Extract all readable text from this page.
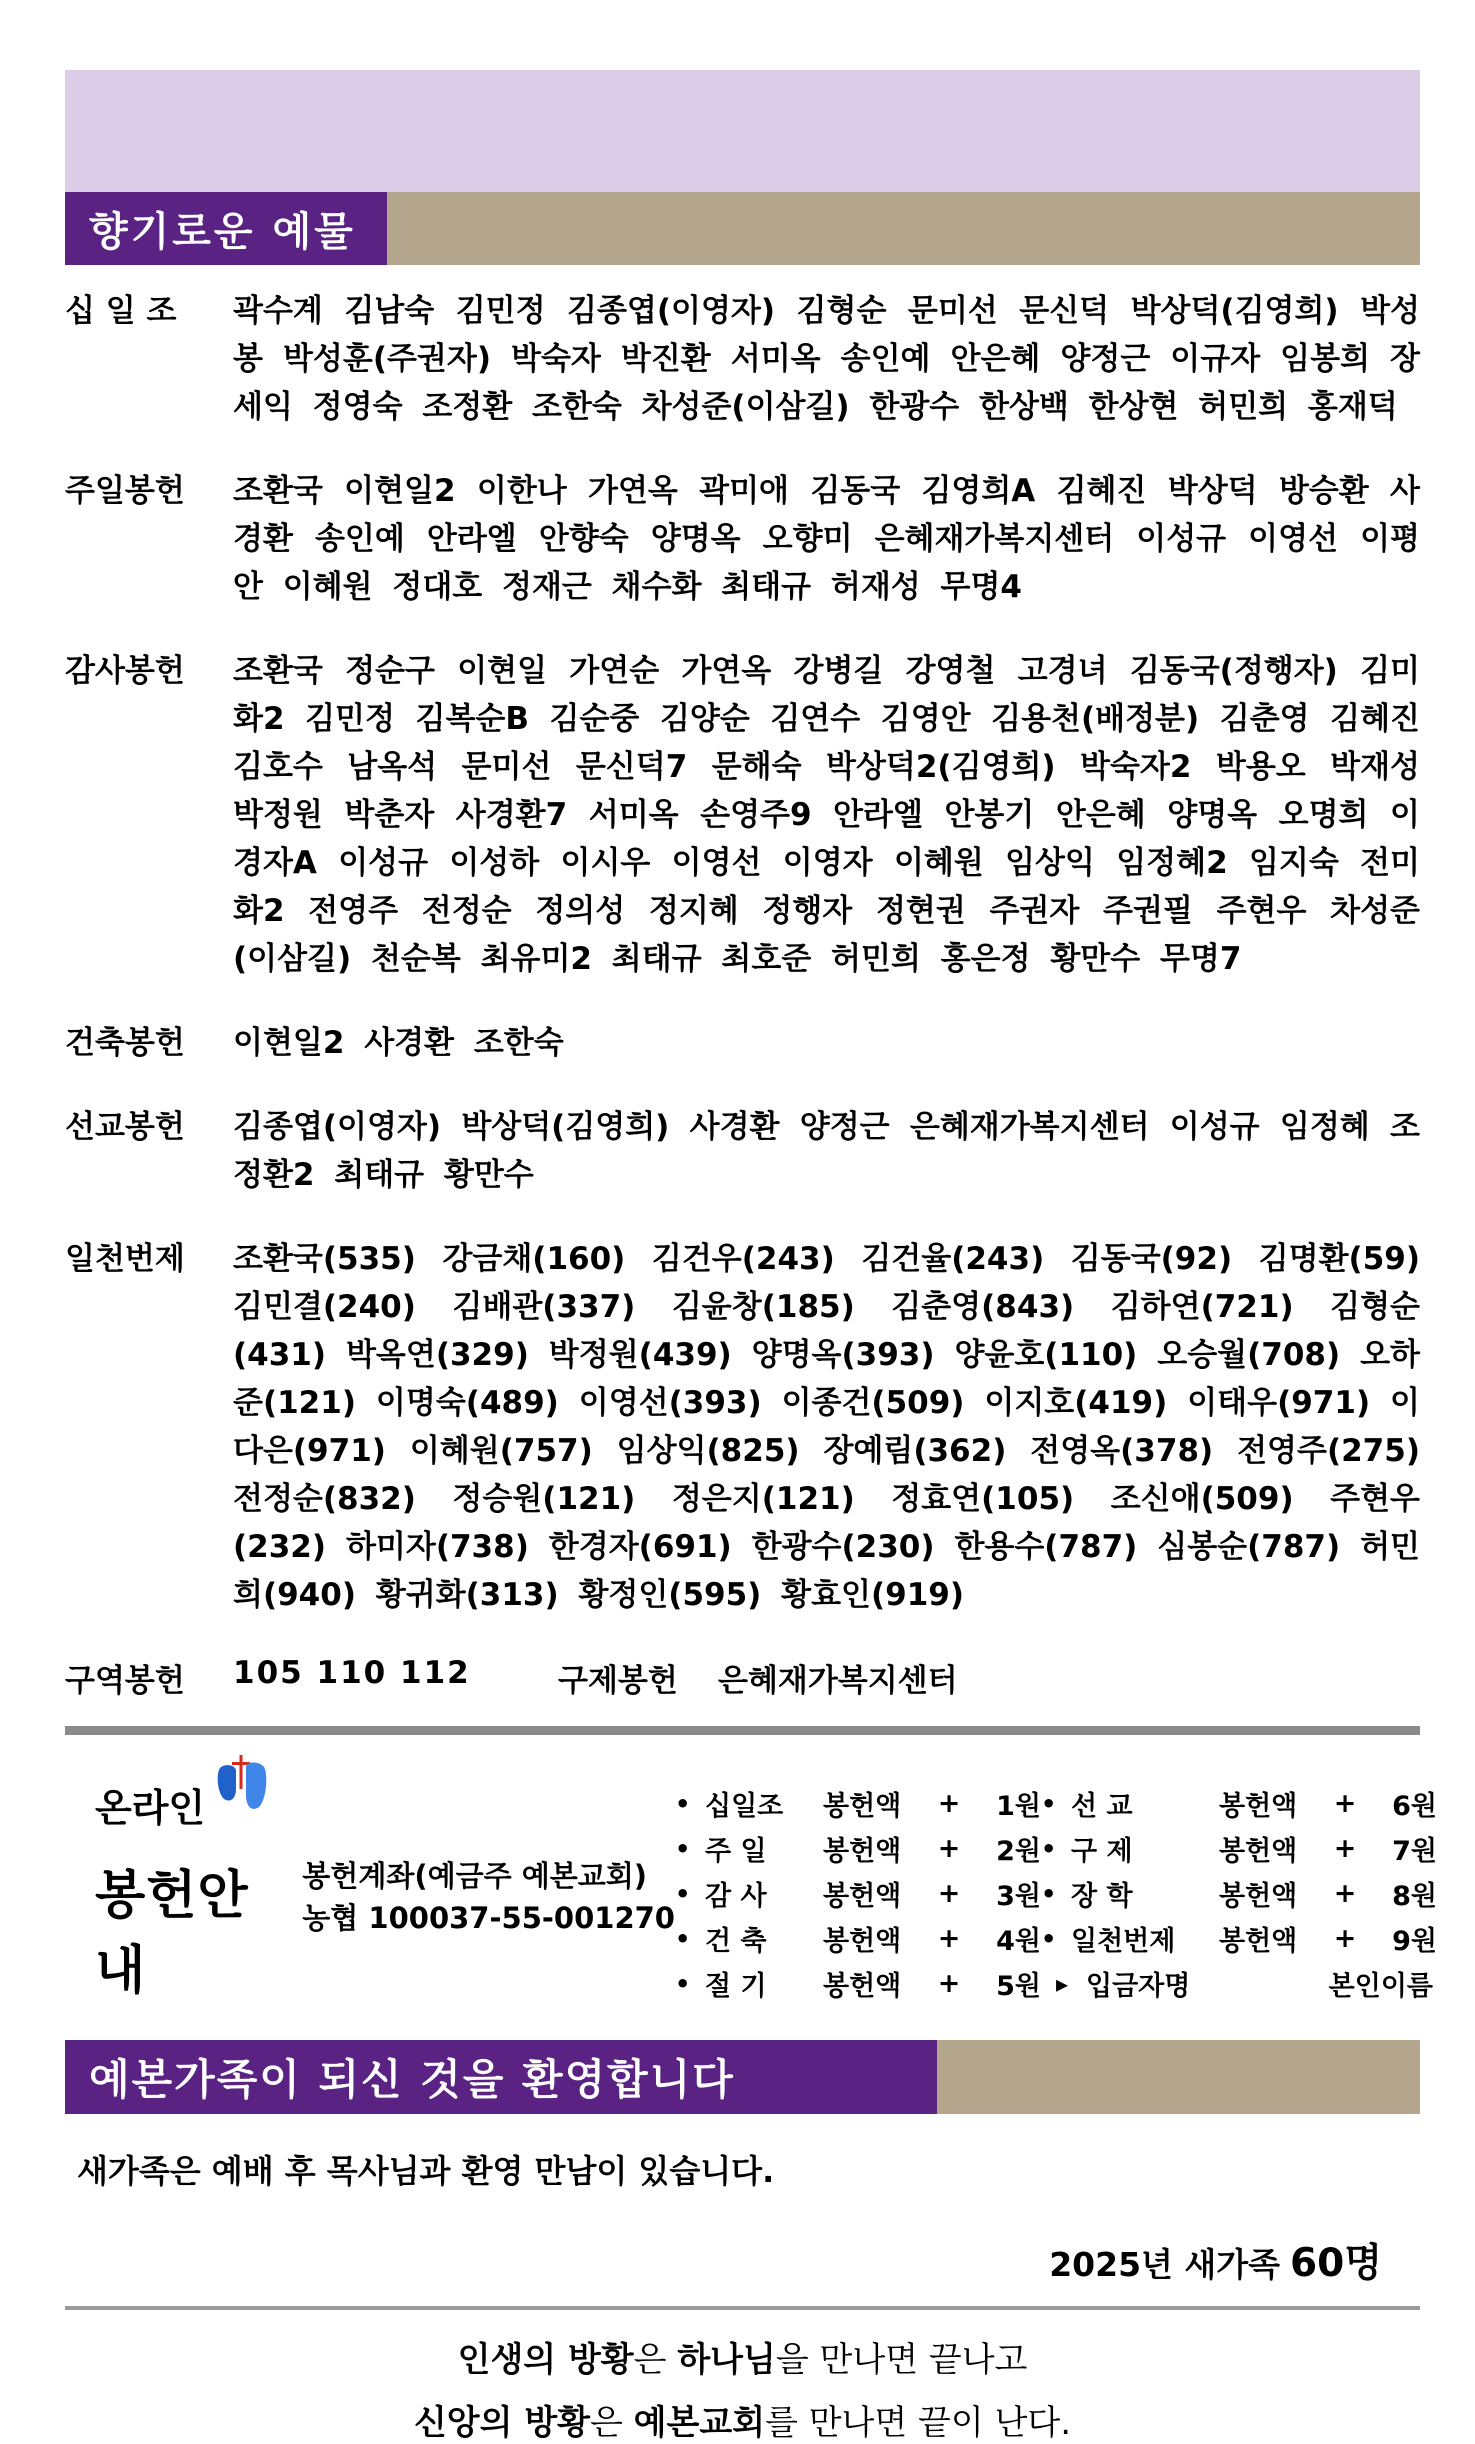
향기로운 예물
십 일 조	곽수계 김남숙 김민정 김종엽(이영자) 김형순 문미선 문신덕 박상덕(김영희) 박성봉 박성훈(주권자) 박숙자 박진환 서미옥 송인예 안은혜 양정근 이규자 임봉희 장세익 정영숙 조정환 조한숙 차성준(이삼길) 한광수 한상백 한상현 허민희 홍재덕
주일봉헌	조환국 이현일2 이한나 가연옥 곽미애 김동국 김영희A 김혜진 박상덕 방승환 사경환 송인예 안라엘 안향숙 양명옥 오향미 은혜재가복지센터 이성규 이영선 이평안 이혜원 정대호 정재근 채수화 최태규 허재성 무명4
감사봉헌	조환국 정순구 이현일 가연순 가연옥 강병길 강영철 고경녀 김동국(정행자) 김미화2 김민정 김복순B 김순중 김양순 김연수 김영안 김용천(배정분) 김춘영 김혜진 김호수 남옥석 문미선 문신덕7 문해숙 박상덕2(김영희) 박숙자2 박용오 박재성 박정원 박춘자 사경환7 서미옥 손영주9 안라엘 안봉기 안은혜 양명옥 오명희 이경자A 이성규 이성하 이시우 이영선 이영자 이혜원 임상익 임정혜2 임지숙 전미화2 전영주 전정순 정의성 정지혜 정행자 정현권 주권자 주권필 주현우 차성준(이삼길) 천순복 최유미2 최태규 최호준 허민희 홍은정 황만수 무명7
건축봉헌	이현일2 사경환 조한숙
선교봉헌	김종엽(이영자) 박상덕(김영희) 사경환 양정근 은혜재가복지센터 이성규 임정혜 조정환2 최태규 황만수
일천번제	조환국(535) 강금채(160) 김건우(243) 김건율(243) 김동국(92) 김명환(59) 김민결(240) 김배관(337) 김윤창(185) 김춘영(843) 김하연(721) 김형순(431) 박옥연(329) 박정원(439) 양명옥(393) 양윤호(110) 오승월(708) 오하준(121) 이명숙(489) 이영선(393) 이종건(509) 이지호(419) 이태우(971) 이다은(971) 이혜원(757) 임상익(825) 장예림(362) 전영옥(378) 전영주(275) 전정순(832) 정승원(121) 정은지(121) 정효연(105) 조신애(509) 주현우(232) 하미자(738) 한경자(691) 한광수(230) 한용수(787) 심봉순(787) 허민희(940) 황귀화(313) 황정인(595) 황효인(919)
구역봉헌	105 110 112	구제봉헌	은혜재가복지센터
온라인
봉헌안내
봉헌계좌(예금주 예본교회)
농협 100037-55-001270
• 십일조	봉헌액	+	1원 • 선 교	봉헌액	+	6원
• 주 일	봉헌액	+	2원 • 구 제	봉헌액	+	7원
• 감 사	봉헌액	+	3원 • 장 학	봉헌액	+	8원
• 건 축	봉헌액	+	4원 • 일천번제	봉헌액	+	9원
• 절 기	봉헌액	+	5원 ▸ 입금자명	본인이름
예본가족이 되신 것을 환영합니다
새가족은 예배 후 목사님과 환영 만남이 있습니다.
2025년 새가족 60명
인생의 방황은 하나님을 만나면 끝나고
신앙의 방황은 예본교회를 만나면 끝이 난다.
